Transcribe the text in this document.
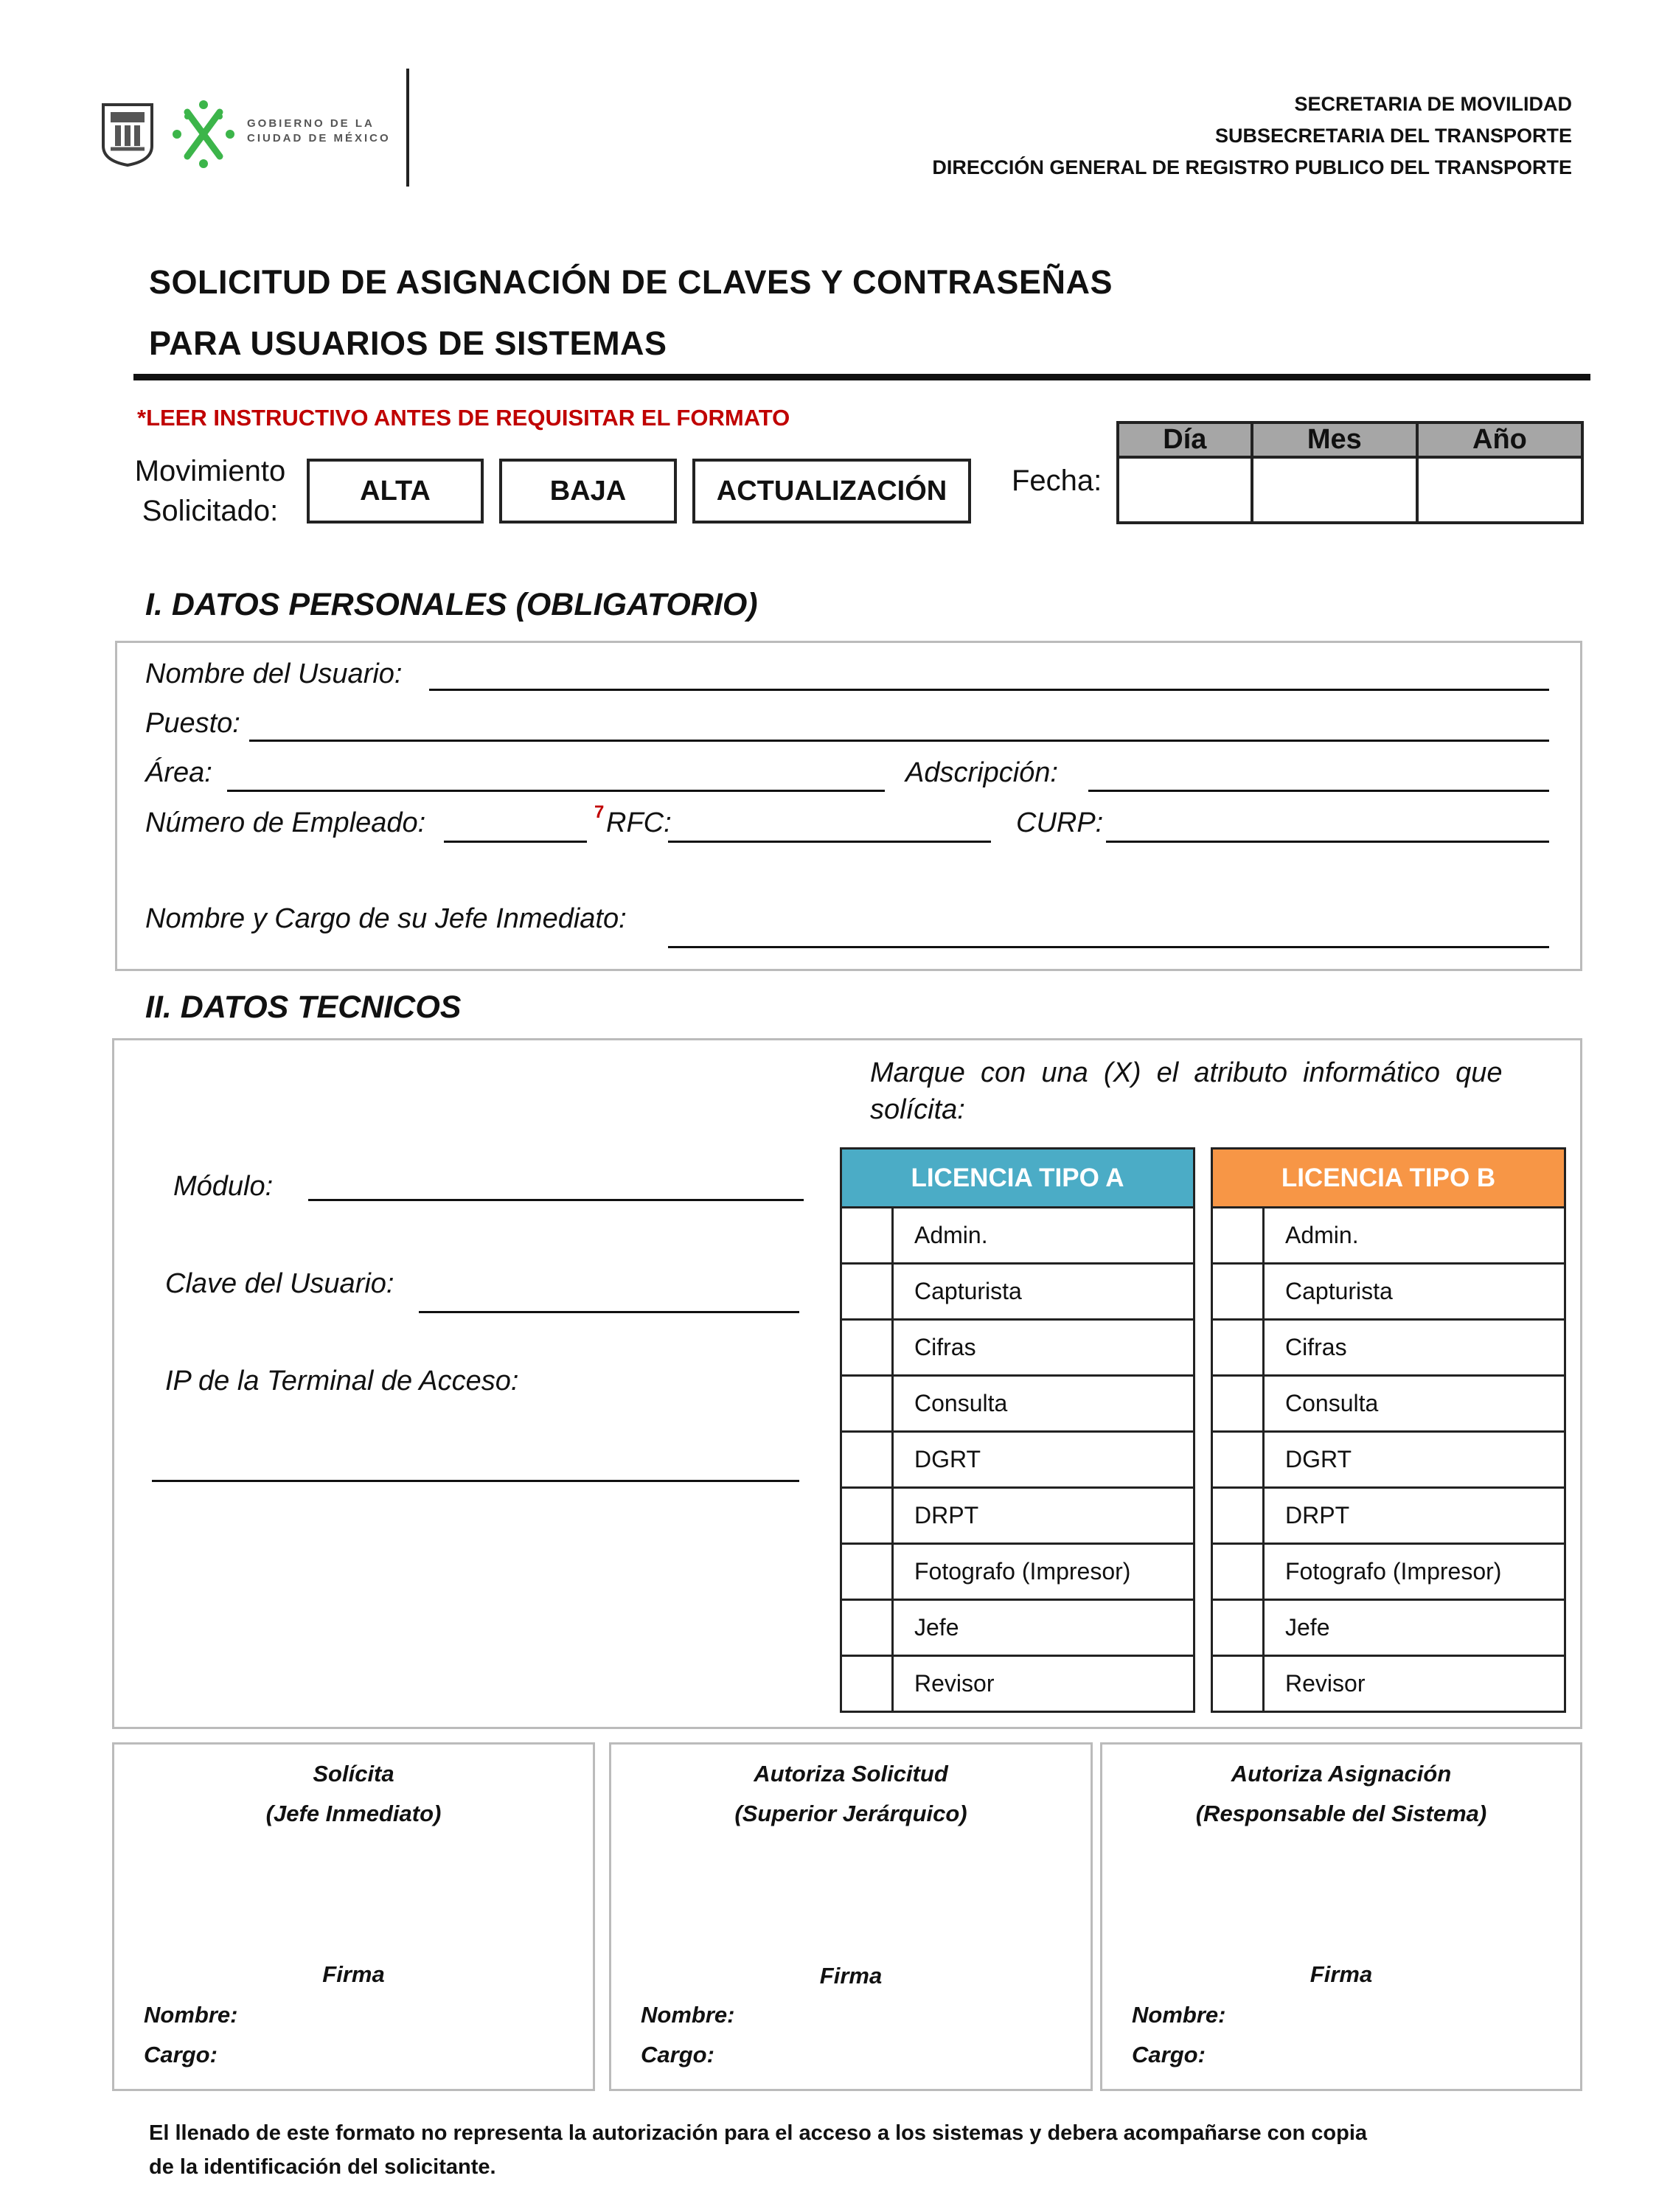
GOBIERNO DE LA
CIUDAD DE MÉXICO
SECRETARIA DE MOVILIDAD
SUBSECRETARIA DEL TRANSPORTE
DIRECCIÓN GENERAL DE REGISTRO PUBLICO DEL TRANSPORTE
SOLICITUD DE ASIGNACIÓN DE CLAVES Y CONTRASEÑAS
PARA USUARIOS DE SISTEMAS
*LEER INSTRUCTIVO ANTES DE REQUISITAR EL FORMATO
Movimiento
Solicitado:
ALTA	BAJA	ACTUALIZACIÓN	Fecha:
Día	Mes	Año

I. DATOS PERSONALES (OBLIGATORIO)
Nombre del Usuario:
Puesto:
Área:	Adscripción:
Número de Empleado:	7 RFC:	CURP:
Nombre y Cargo de su Jefe Inmediato:
II. DATOS TECNICOS
Marque  con  una  (X)  el  atributo  informático  que
solícita:
Módulo:
Clave del Usuario:
IP de la Terminal de Acceso:
LICENCIA TIPO A	
	Admin.
	Capturista
	Cifras
	Consulta
	DGRT
	DRPT
	Fotografo (Impresor)
	Jefe
	Revisor
LICENCIA TIPO B	
	Admin.
	Capturista
	Cifras
	Consulta
	DGRT
	DRPT
	Fotografo (Impresor)
	Jefe
	Revisor
Solícita
(Jefe Inmediato)
Firma
Nombre:
Cargo:
Autoriza Solicitud
(Superior Jerárquico)
Firma
Nombre:
Cargo:
Autoriza Asignación
(Responsable del Sistema)
Firma
Nombre:
Cargo:
El llenado de este formato no representa la autorización para el acceso a los sistemas y debera acompañarse con copia
de la identificación del solicitante.
